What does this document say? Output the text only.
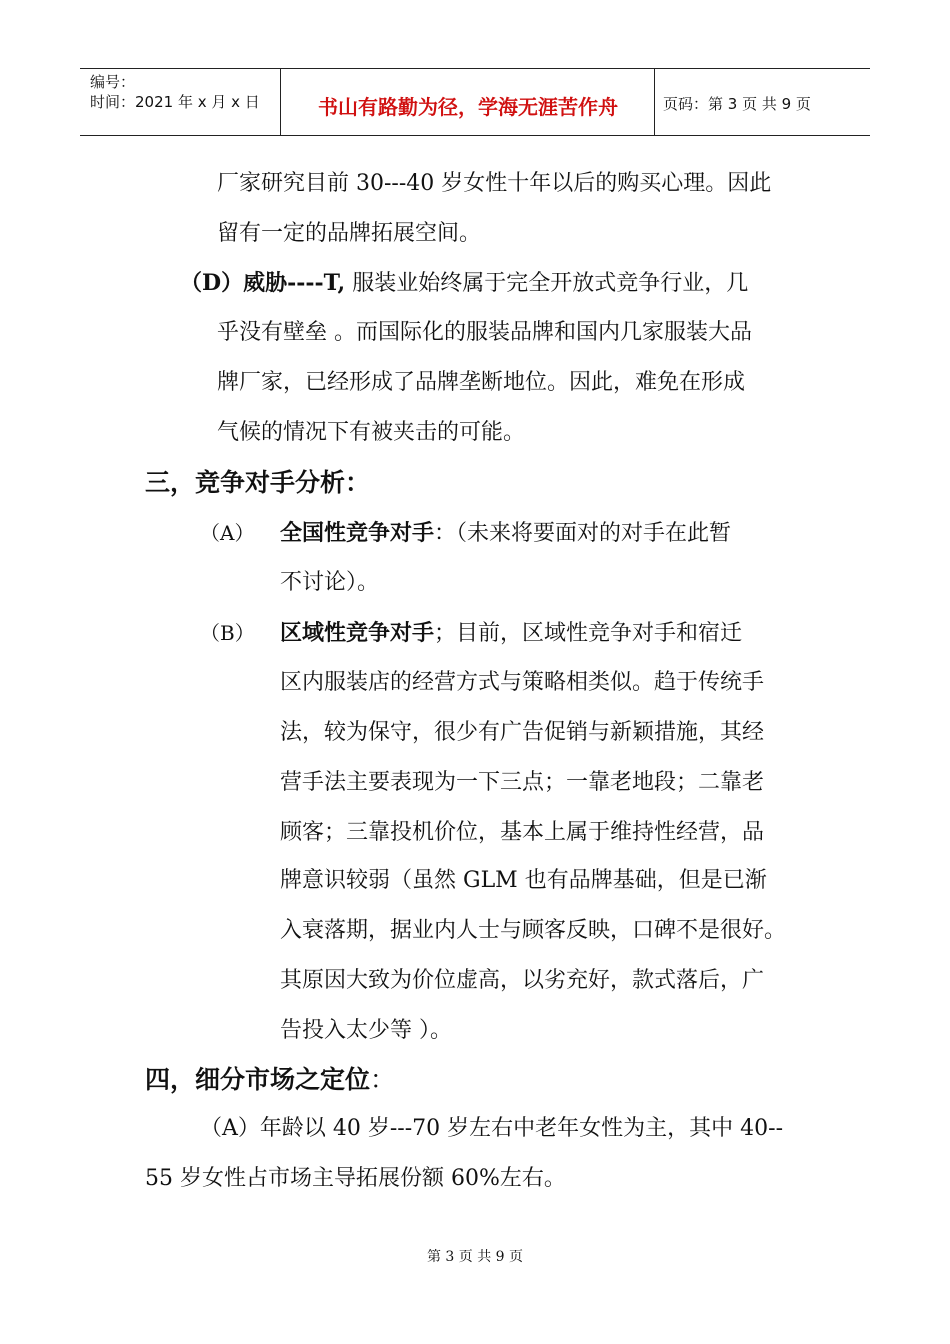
编号：
时间：2021 年 x 月 x 日	书山有路勤为径，学海无涯苦作舟	页码：第 3 页 共 9 页
厂家研究目前 30---40 岁女性十年以后的购买心理。因此
留有一定的品牌拓展空间。
（D）威胁----T, 服装业始终属于完全开放式竞争行业，几
乎没有壁垒 。而国际化的服装品牌和国内几家服装大品
牌厂家，已经形成了品牌垄断地位。因此，难免在形成
气候的情况下有被夹击的可能。
三，竞争对手分析：
（A） 全国性竞争对手：（未来将要面对的对手在此暂
不讨论）。
（B） 区域性竞争对手；目前，区域性竞争对手和宿迁
区内服装店的经营方式与策略相类似。趋于传统手
法，较为保守，很少有广告促销与新颖措施，其经
营手法主要表现为一下三点；一靠老地段；二靠老
顾客；三靠投机价位，基本上属于维持性经营，品
牌意识较弱（虽然 GLM 也有品牌基础，但是已渐
入衰落期，据业内人士与顾客反映，口碑不是很好。
其原因大致为价位虚高，以劣充好，款式落后，广
告投入太少等 ）。
四，细分市场之定位：
（A）年龄以 40 岁---70 岁左右中老年女性为主，其中 40--
55 岁女性占市场主导拓展份额 60%左右。
第 3 页 共 9 页
